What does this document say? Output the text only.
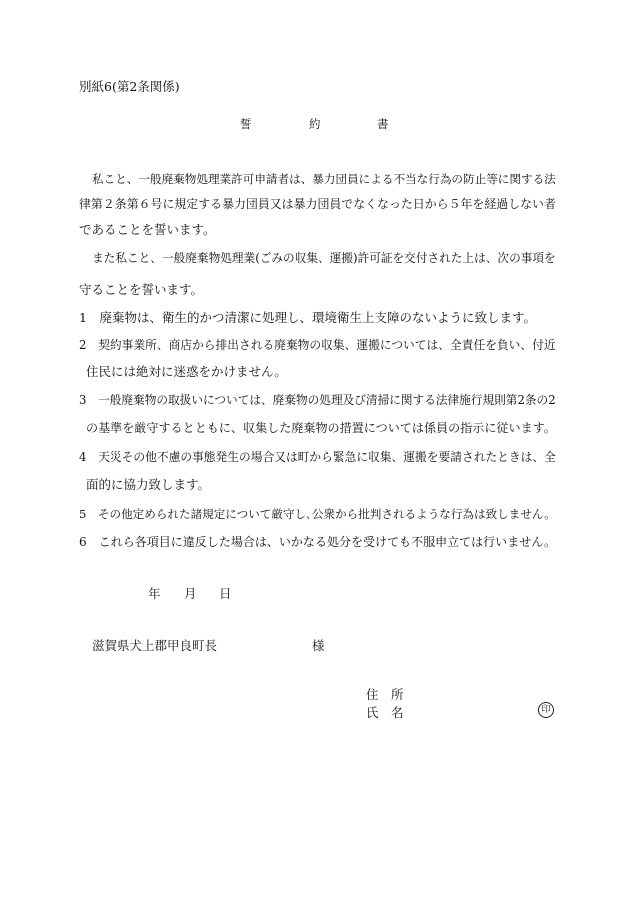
別紙6(第2条関係)
誓	約	書
私こと、一般廃棄物処理業許可申請者は、暴力団員による不当な行為の防止等に関する法
律第２条第６号に規定する暴力団員又は暴力団員でなくなった日から５年を経過しない者
であることを誓います。
また私こと、一般廃棄物処理業(ごみの収集、運搬)許可証を交付された上は、次の事項を
守ることを誓います。
1　廃棄物は、衛生的かつ清潔に処理し、環境衛生上支障のないように致します。
2　契約事業所、商店から排出される廃棄物の収集、運搬については、全責任を負い、付近
住民には絶対に迷惑をかけません。
3　一般廃棄物の取扱いについては、廃棄物の処理及び清掃に関する法律施行規則第2条の2
の基準を厳守するとともに、収集した廃棄物の措置については係員の指示に従います。
4　天災その他不慮の事態発生の場合又は町から緊急に収集、運搬を要請されたときは、全
面的に協力致します。
5　その他定められた諸規定について厳守し､公衆から批判されるような行為は致しません。
6　これら各項目に違反した場合は、いかなる処分を受けても不服申立ては行いません。
年 月 日
滋賀県犬上郡甲良町長	様
住　所
氏　名	印
